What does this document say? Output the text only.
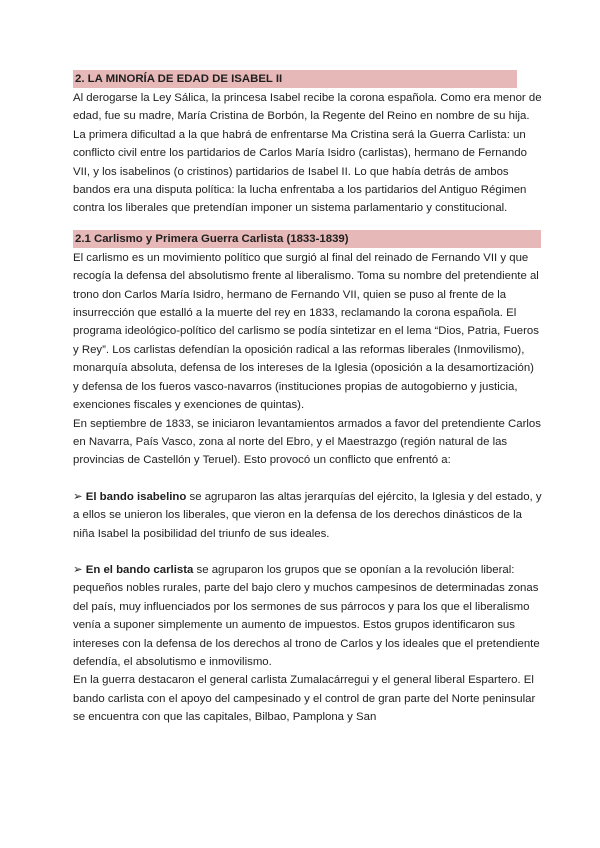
2. LA MINORÍA DE EDAD DE ISABEL II

Al derogarse la Ley Sálica, la princesa Isabel recibe la corona española. Como era menor de edad, fue su madre, María Cristina de Borbón, la Regente del Reino en nombre de su hija. La primera dificultad a la que habrá de enfrentarse Ma Cristina será la Guerra Carlista: un conflicto civil entre los partidarios de Carlos María Isidro (carlistas), hermano de Fernando VII, y los isabelinos (o cristinos) partidarios de Isabel II. Lo que había detrás de ambos bandos era una disputa política: la lucha enfrentaba a los partidarios del Antiguo Régimen contra los liberales que pretendían imponer un sistema parlamentario y constitucional.

2.1 Carlismo y Primera Guerra Carlista (1833-1839)

El carlismo es un movimiento político que surgió al final del reinado de Fernando VII y que recogía la defensa del absolutismo frente al liberalismo. Toma su nombre del pretendiente al trono don Carlos María Isidro, hermano de Fernando VII, quien se puso al frente de la insurrección que estalló a la muerte del rey en 1833, reclamando la corona española. El programa ideológico-político del carlismo se podía sintetizar en el lema “Dios, Patria, Fueros y Rey”. Los carlistas defendían la oposición radical a las reformas liberales (Inmovilismo), monarquía absoluta, defensa de los intereses de la Iglesia (oposición a la desamortización) y defensa de los fueros vasco-navarros (instituciones propias de autogobierno y justicia, exenciones fiscales y exenciones de quintas).

En septiembre de 1833, se iniciaron levantamientos armados a favor del pretendiente Carlos en Navarra, País Vasco, zona al norte del Ebro, y el Maestrazgo (región natural de las provincias de Castellón y Teruel). Esto provocó un conflicto que enfrentó a:

➢ El bando isabelino se agruparon las altas jerarquías del ejército, la Iglesia y del estado, y a ellos se unieron los liberales, que vieron en la defensa de los derechos dinásticos de la niña Isabel la posibilidad del triunfo de sus ideales.

➢ En el bando carlista se agruparon los grupos que se oponían a la revolución liberal: pequeños nobles rurales, parte del bajo clero y muchos campesinos de determinadas zonas del país, muy influenciados por los sermones de sus párrocos y para los que el liberalismo venía a suponer simplemente un aumento de impuestos. Estos grupos identificaron sus intereses con la defensa de los derechos al trono de Carlos y los ideales que el pretendiente defendía, el absolutismo e inmovilismo.

En la guerra destacaron el general carlista Zumalacárregui y el general liberal Espartero. El bando carlista con el apoyo del campesinado y el control de gran parte del Norte peninsular se encuentra con que las capitales, Bilbao, Pamplona y San
